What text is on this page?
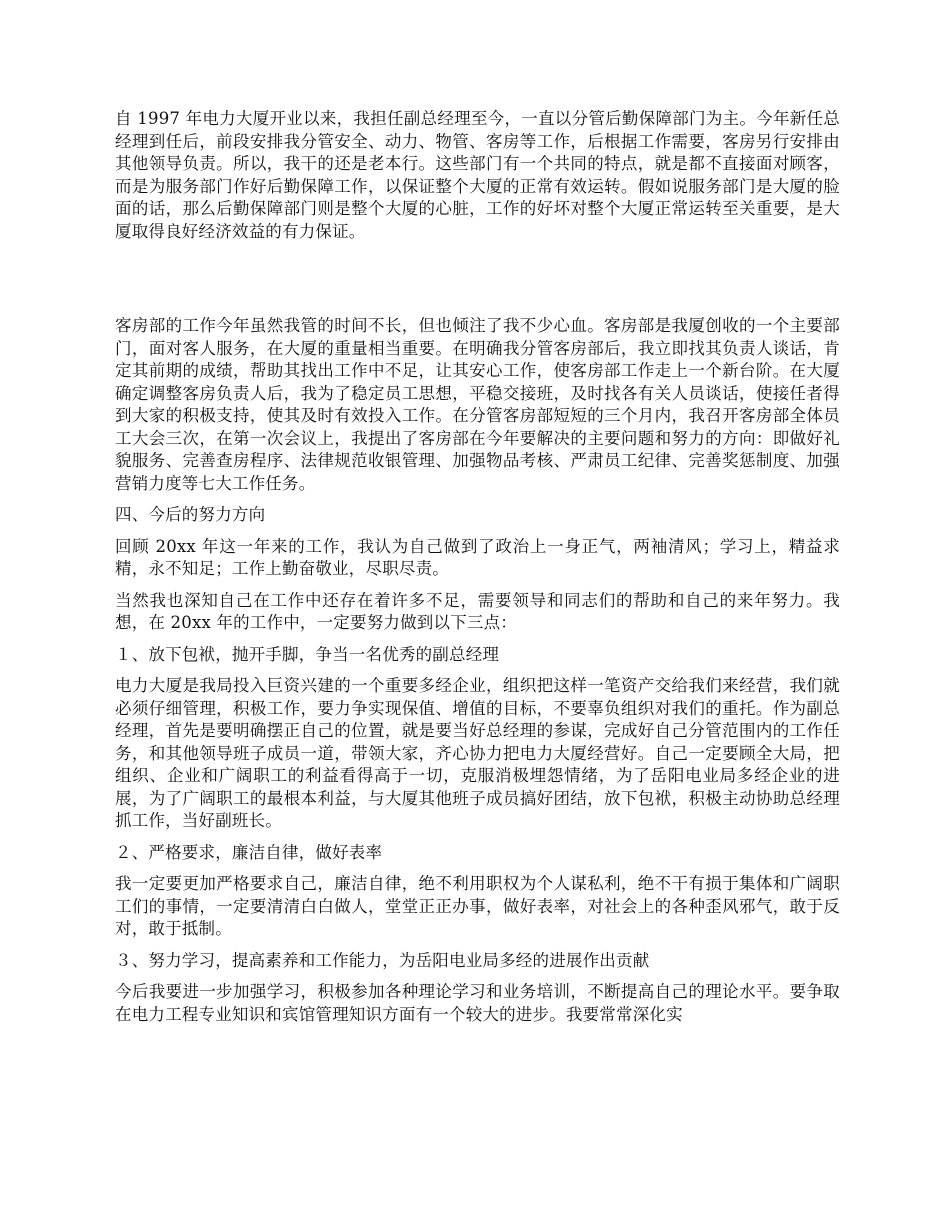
自 1997 年电力大厦开业以来，我担任副总经理至今，一直以分管后勤保障部门为主。今年新任总经理到任后，前段安排我分管安全、动力、物管、客房等工作，后根据工作需要，客房另行安排由其他领导负责。所以，我干的还是老本行。这些部门有一个共同的特点，就是都不直接面对顾客，而是为服务部门作好后勤保障工作，以保证整个大厦的正常有效运转。假如说服务部门是大厦的脸面的话，那么后勤保障部门则是整个大厦的心脏，工作的好坏对整个大厦正常运转至关重要，是大厦取得良好经济效益的有力保证。

客房部的工作今年虽然我管的时间不长，但也倾注了我不少心血。客房部是我厦创收的一个主要部门，面对客人服务，在大厦的重量相当重要。在明确我分管客房部后，我立即找其负责人谈话，肯定其前期的成绩，帮助其找出工作中不足，让其安心工作，使客房部工作走上一个新台阶。在大厦确定调整客房负责人后，我为了稳定员工思想，平稳交接班，及时找各有关人员谈话，使接任者得到大家的积极支持，使其及时有效投入工作。在分管客房部短短的三个月内，我召开客房部全体员工大会三次，在第一次会议上，我提出了客房部在今年要解决的主要问题和努力的方向：即做好礼貌服务、完善查房程序、法律规范收银管理、加强物品考核、严肃员工纪律、完善奖惩制度、加强营销力度等七大工作任务。

四、今后的努力方向

回顾 20xx 年这一年来的工作，我认为自己做到了政治上一身正气，两袖清风；学习上，精益求精，永不知足；工作上勤奋敬业，尽职尽责。

当然我也深知自己在工作中还存在着许多不足，需要领导和同志们的帮助和自己的来年努力。我想，在 20xx 年的工作中，一定要努力做到以下三点：

１、放下包袱，抛开手脚，争当一名优秀的副总经理

电力大厦是我局投入巨资兴建的一个重要多经企业，组织把这样一笔资产交给我们来经营，我们就必须仔细管理，积极工作，要力争实现保值、增值的目标，不要辜负组织对我们的重托。作为副总经理，首先是要明确摆正自己的位置，就是要当好总经理的参谋，完成好自己分管范围内的工作任务，和其他领导班子成员一道，带领大家，齐心协力把电力大厦经营好。自己一定要顾全大局，把组织、企业和广阔职工的利益看得高于一切，克服消极埋怨情绪，为了岳阳电业局多经企业的进展，为了广阔职工的最根本利益，与大厦其他班子成员搞好团结，放下包袱，积极主动协助总经理抓工作，当好副班长。

２、严格要求，廉洁自律，做好表率

我一定要更加严格要求自己，廉洁自律，绝不利用职权为个人谋私利，绝不干有损于集体和广阔职工们的事情，一定要清清白白做人，堂堂正正办事，做好表率，对社会上的各种歪风邪气，敢于反对，敢于抵制。

３、努力学习，提高素养和工作能力，为岳阳电业局多经的进展作出贡献

今后我要进一步加强学习，积极参加各种理论学习和业务培训，不断提高自己的理论水平。要争取在电力工程专业知识和宾馆管理知识方面有一个较大的进步。我要常常深化实
